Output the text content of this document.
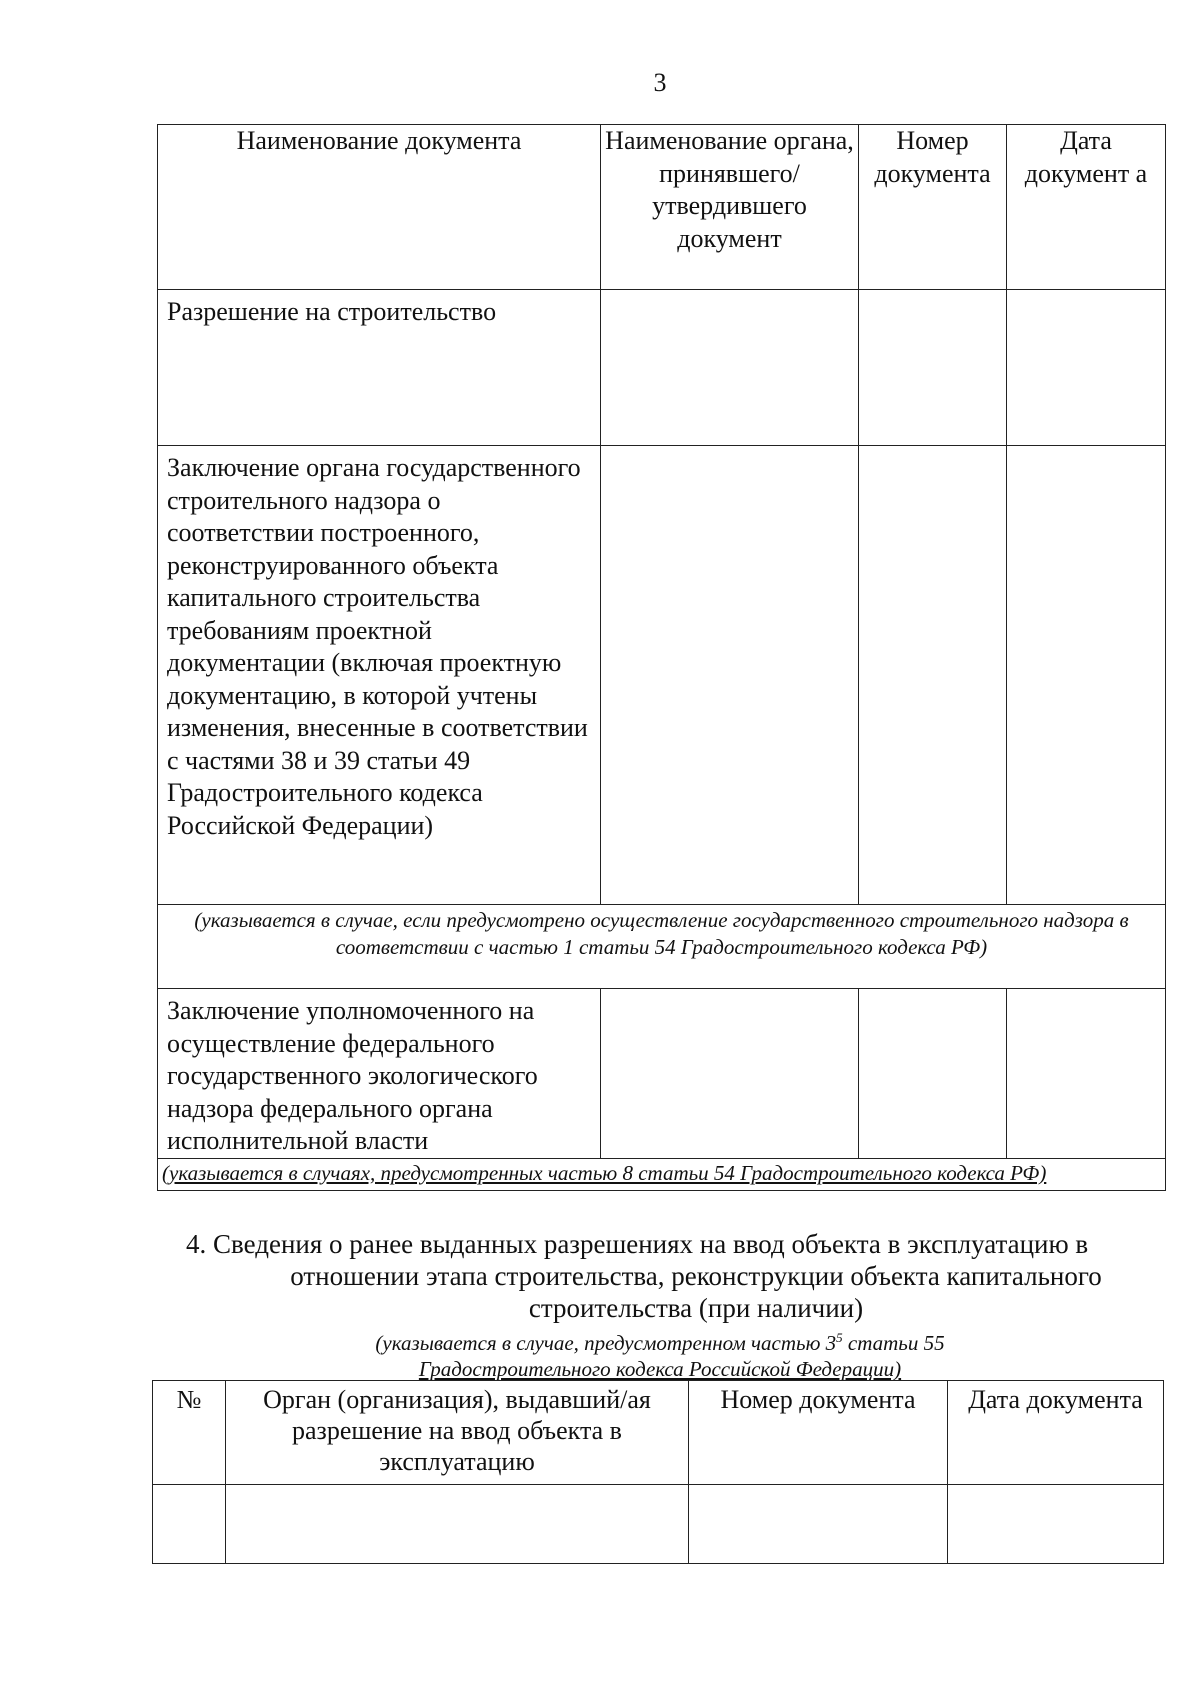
3
Наименование документа	Наименование органа, принявшего/ утвердившего документ	Номер документа	Дата документ а
Разрешение на строительство			
Заключение органа государственного строительного надзора о соответствии построенного, реконструированного объекта капитального строительства требованиям проектной документации (включая проектную документацию, в которой учтены изменения, внесенные в соответствии с частями 38 и 39 статьи 49 Градостроительного кодекса Российской Федерации)			
(указывается в случае, если предусмотрено осуществление государственного строительного надзора в соответствии с частью 1 статьи 54 Градостроительного кодекса РФ)			
Заключение уполномоченного на осуществление федерального государственного экологического надзора федерального органа исполнительной власти			
(указывается в случаях, предусмотренных частью 8 статьи 54 Градостроительного кодекса РФ)			
4. Сведения о ранее выданных разрешениях на ввод объекта в эксплуатацию в
отношении этапа строительства, реконструкции объекта капитального
строительства (при наличии)
(указывается в случае, предусмотренном частью $3^5$ статьи 55
Градостроительного кодекса Российской Федерации)
№	Орган (организация), выдавший/ая разрешение на ввод объекта в эксплуатацию	Номер документа	Дата документа
